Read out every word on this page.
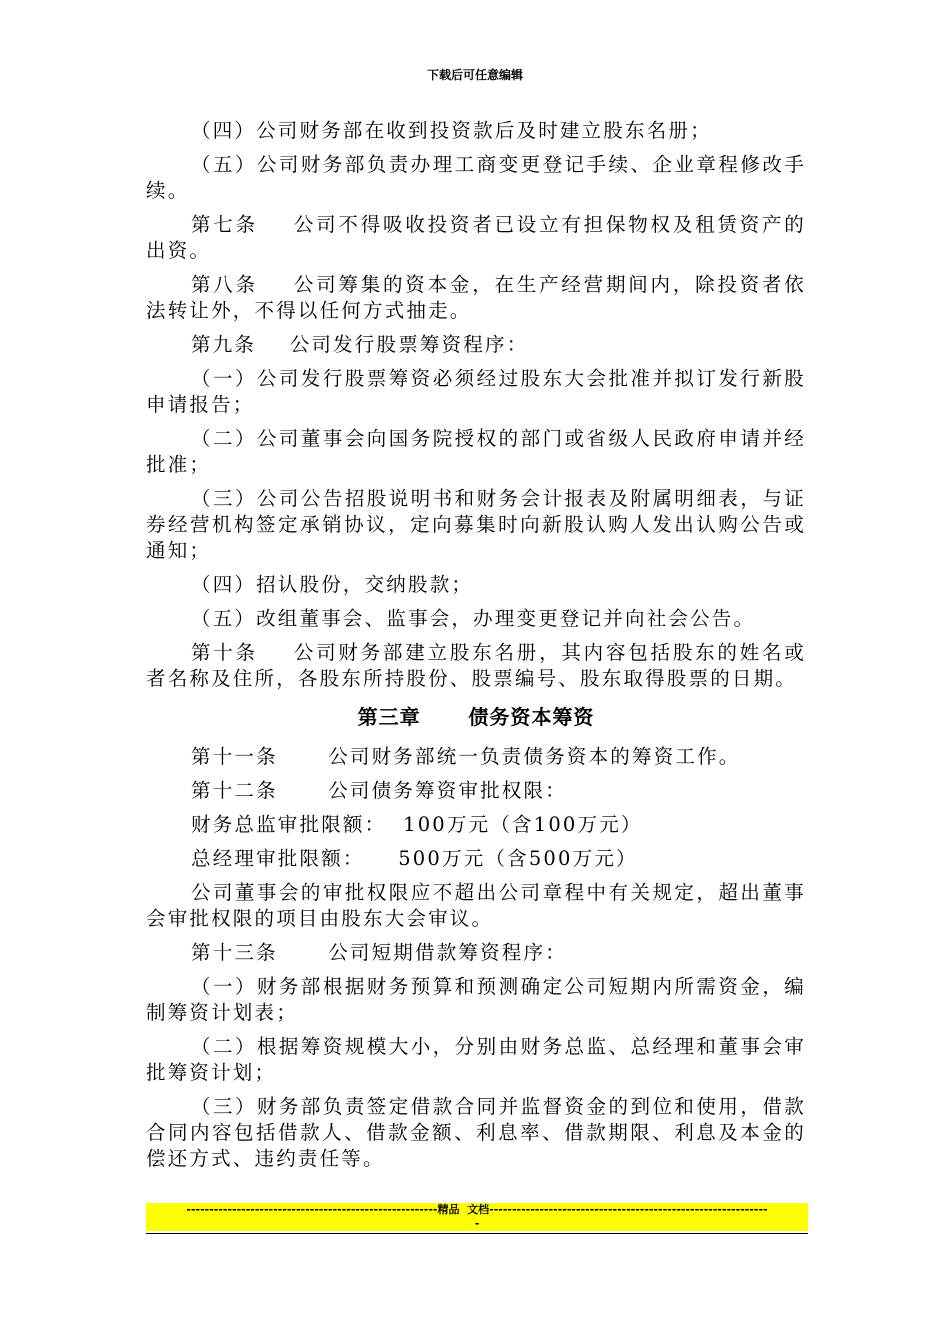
下载后可任意编辑

（四）公司财务部在收到投资款后及时建立股东名册；

（五）公司财务部负责办理工商变更登记手续、企业章程修改手续。

第七条    公司不得吸收投资者已设立有担保物权及租赁资产的出资。

第八条    公司筹集的资本金，在生产经营期间内，除投资者依法转让外，不得以任何方式抽走。

第九条    公司发行股票筹资程序：

（一）公司发行股票筹资必须经过股东大会批准并拟订发行新股申请报告；

（二）公司董事会向国务院授权的部门或省级人民政府申请并经批准；

（三）公司公告招股说明书和财务会计报表及附属明细表，与证券经营机构签定承销协议，定向募集时向新股认购人发出认购公告或通知；

（四）招认股份，交纳股款；

（五）改组董事会、监事会，办理变更登记并向社会公告。

第十条    公司财务部建立股东名册，其内容包括股东的姓名或者名称及住所，各股东所持股份、股票编号、股东取得股票的日期。

第三章      债务资本筹资

第十一条      公司财务部统一负责债务资本的筹资工作。

第十二条      公司债务筹资审批权限：

财务总监审批限额：  100万元（含100万元）

总经理审批限额：    500万元（含500万元）

公司董事会的审批权限应不超出公司章程中有关规定，超出董事会审批权限的项目由股东大会审议。

第十三条      公司短期借款筹资程序：

（一）财务部根据财务预算和预测确定公司短期内所需资金，编制筹资计划表；

（二）根据筹资规模大小，分别由财务总监、总经理和董事会审批筹资计划；

（三）财务部负责签定借款合同并监督资金的到位和使用，借款合同内容包括借款人、借款金额、利息率、借款期限、利息及本金的偿还方式、违约责任等。

-------------------------------------------------------精品  文档-------------------------------------------------------------
-
